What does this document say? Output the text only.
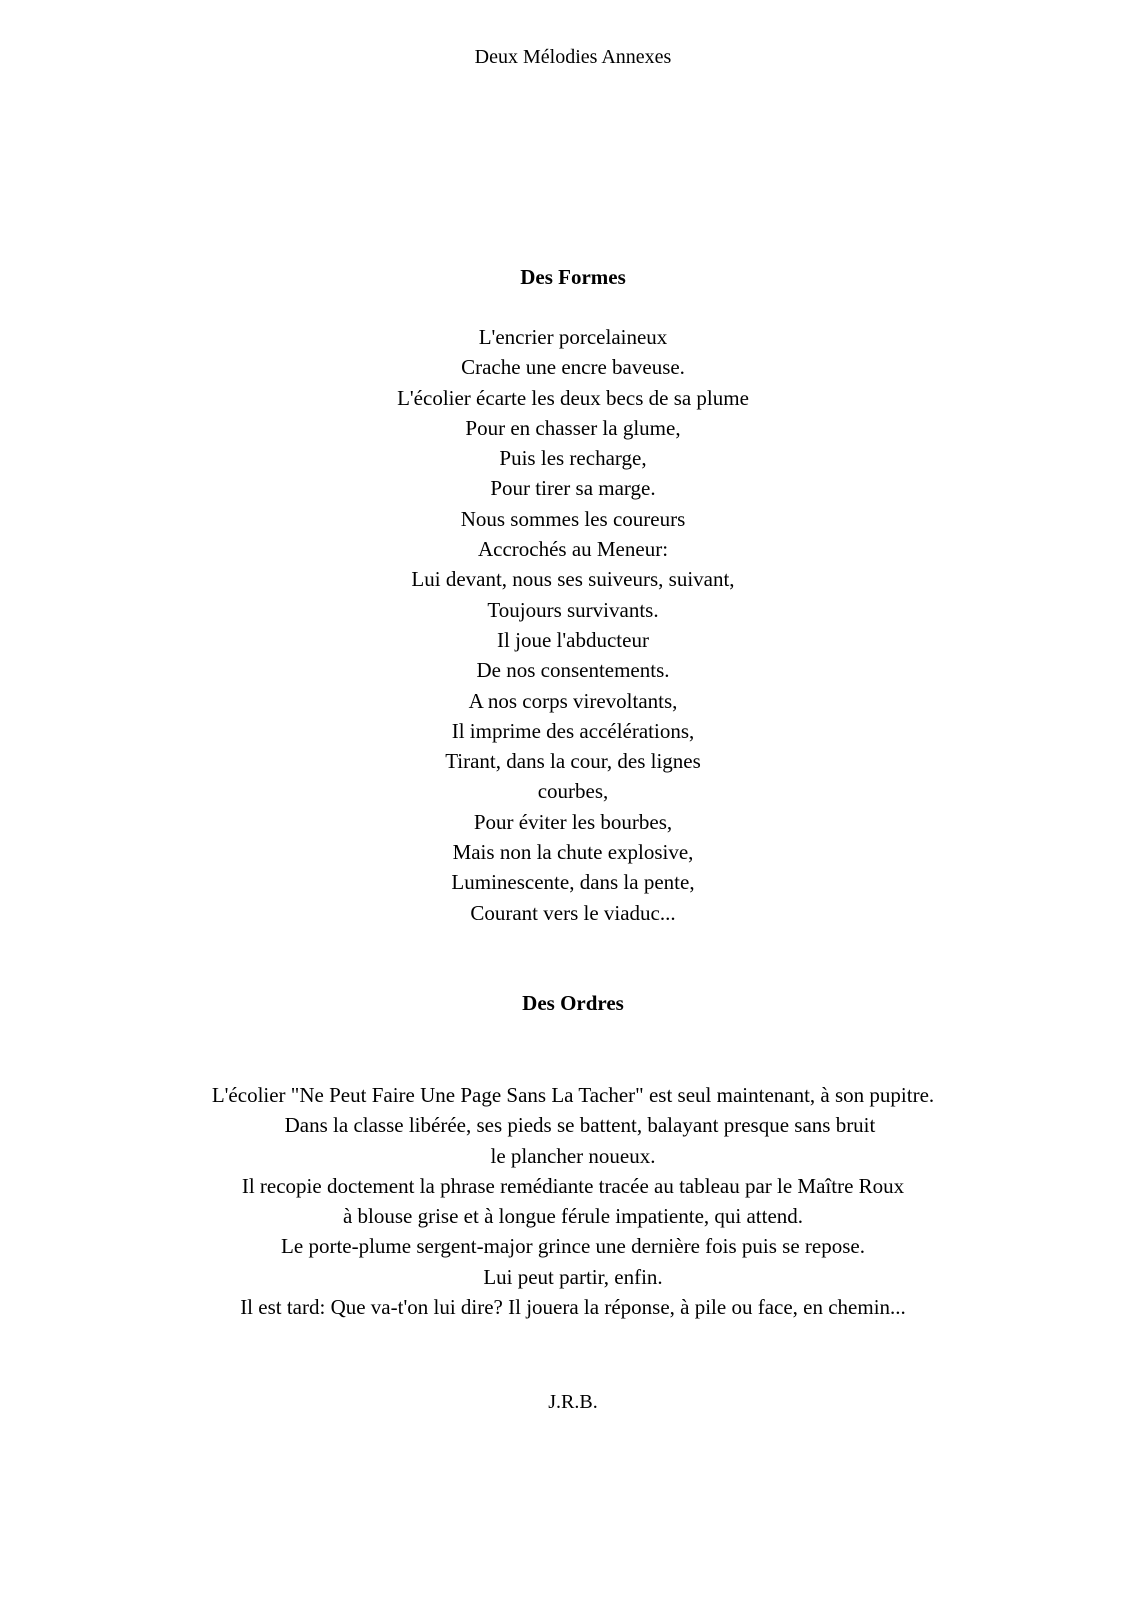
Deux Mélodies Annexes
Des Formes
L'encrier porcelaineux
Crache une encre baveuse.
L'écolier écarte les deux becs de sa plume
Pour en chasser la glume,
Puis les recharge,
Pour tirer sa marge.
Nous sommes les coureurs
Accrochés au Meneur:
Lui devant, nous ses suiveurs, suivant,
Toujours survivants.
Il joue l'abducteur
De nos consentements.
A nos corps virevoltants,
Il imprime des accélérations,
Tirant, dans la cour, des lignes
courbes,
Pour éviter les bourbes,
Mais non la chute explosive,
Luminescente, dans la pente,
Courant vers le viaduc...
Des Ordres
L'écolier "Ne Peut Faire Une Page Sans La Tacher" est seul maintenant, à son pupitre.
Dans la classe libérée, ses pieds se battent, balayant presque sans bruit
le plancher noueux.
Il recopie doctement la phrase remédiante tracée au tableau par le Maître Roux
à blouse grise et à longue férule impatiente, qui attend.
Le porte-plume sergent-major grince une dernière fois puis se repose.
Lui peut partir, enfin.
Il est tard: Que va-t'on lui dire? Il jouera la réponse, à pile ou face, en chemin...
J.R.B.
